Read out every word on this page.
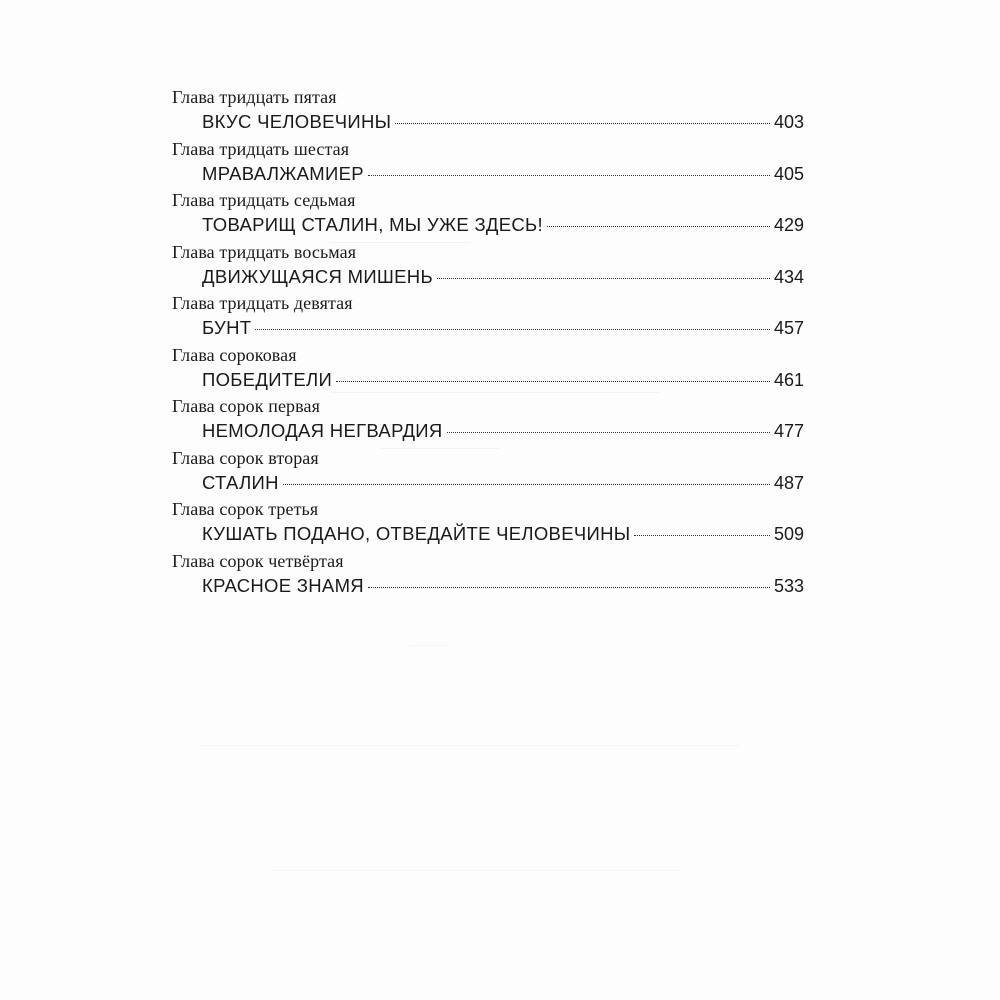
Глава тридцать пятая
ВКУС ЧЕЛОВЕЧИНЫ	403
Глава тридцать шестая
МРАВАЛЖАМИЕР	405
Глава тридцать седьмая
ТОВАРИЩ СТАЛИН, МЫ УЖЕ ЗДЕСЬ!	429
Глава тридцать восьмая
ДВИЖУЩАЯСЯ МИШЕНЬ	434
Глава тридцать девятая
БУНТ	457
Глава сороковая
ПОБЕДИТЕЛИ	461
Глава сорок первая
НЕМОЛОДАЯ НЕГВАРДИЯ	477
Глава сорок вторая
СТАЛИН	487
Глава сорок третья
КУШАТЬ ПОДАНО, ОТВЕДАЙТЕ ЧЕЛОВЕЧИНЫ	509
Глава сорок четвёртая
КРАСНОЕ ЗНАМЯ	533
